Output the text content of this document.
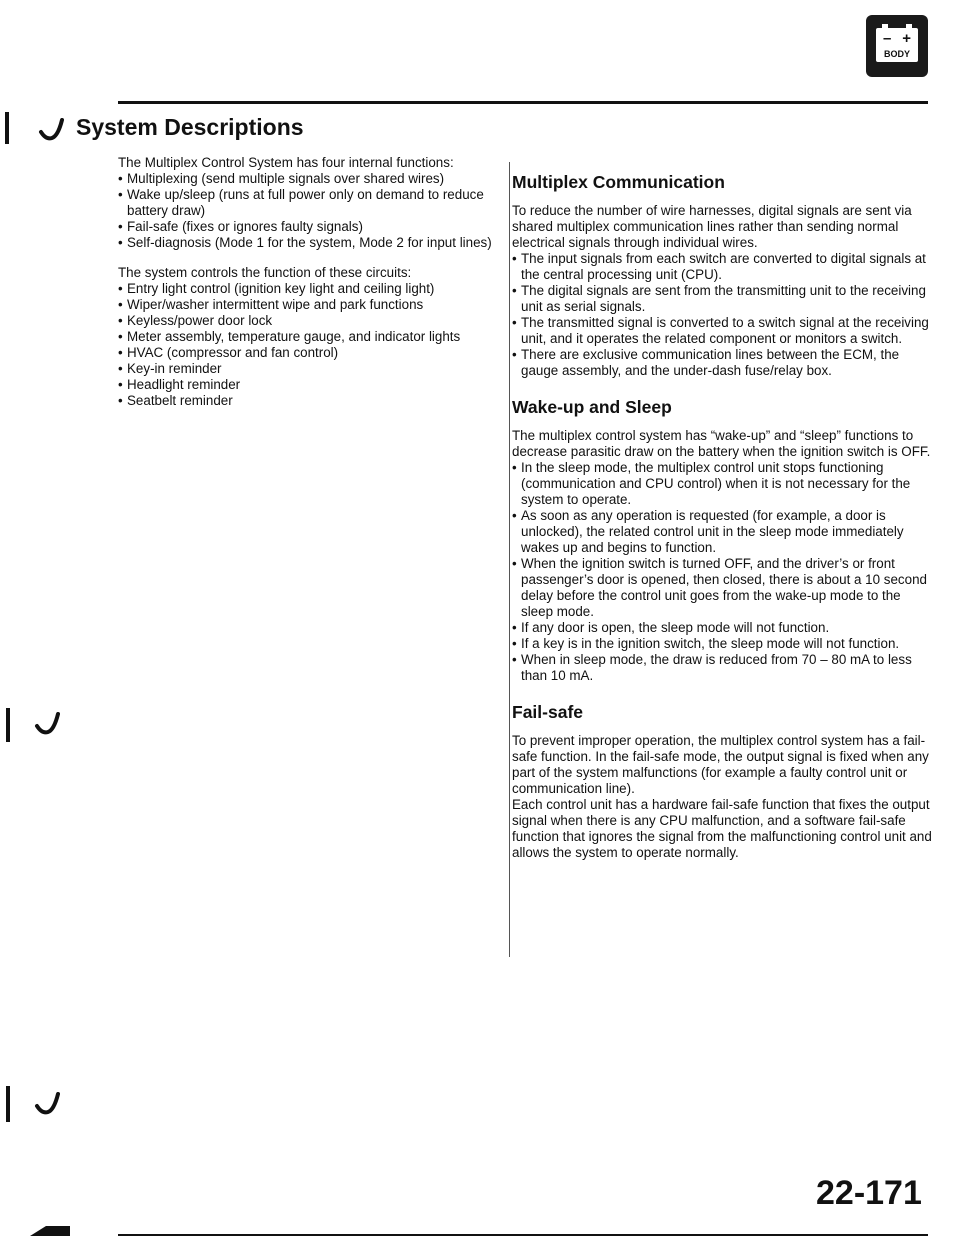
– +
BODY
System Descriptions

The Multiplex Control System has four internal functions:

• Multiplexing (send multiple signals over shared wires)
• Wake up/sleep (runs at full power only on demand to reduce battery draw)
• Fail-safe (fixes or ignores faulty signals)
• Self-diagnosis (Mode 1 for the system, Mode 2 for input lines)

The system controls the function of these circuits:

• Entry light control (ignition key light and ceiling light)
• Wiper/washer intermittent wipe and park functions
• Keyless/power door lock
• Meter assembly, temperature gauge, and indicator lights
• HVAC (compressor and fan control)
• Key-in reminder
• Headlight reminder
• Seatbelt reminder
Multiplex Communication

To reduce the number of wire harnesses, digital signals are sent via shared multiplex communication lines rather than sending normal electrical signals through individual wires.

• The input signals from each switch are converted to digital signals at the central processing unit (CPU).
• The digital signals are sent from the transmitting unit to the receiving unit as serial signals.
• The transmitted signal is converted to a switch signal at the receiving unit, and it operates the related component or monitors a switch.
• There are exclusive communication lines between the ECM, the gauge assembly, and the under-dash fuse/relay box.
Wake-up and Sleep

The multiplex control system has “wake-up” and “sleep” functions to decrease parasitic draw on the battery when the ignition switch is OFF.

• In the sleep mode, the multiplex control unit stops functioning (communication and CPU control) when it is not necessary for the system to operate.
• As soon as any operation is requested (for example, a door is unlocked), the related control unit in the sleep mode immediately wakes up and begins to function.
• When the ignition switch is turned OFF, and the driver’s or front passenger’s door is opened, then closed, there is about a 10 second delay before the control unit goes from the wake-up mode to the sleep mode.
• If any door is open, the sleep mode will not function.
• If a key is in the ignition switch, the sleep mode will not function.
• When in sleep mode, the draw is reduced from 70 – 80 mA to less than 10 mA.
Fail-safe

To prevent improper operation, the multiplex control system has a fail-safe function. In the fail-safe mode, the output signal is fixed when any part of the system malfunctions (for example a faulty control unit or communication line).

Each control unit has a hardware fail-safe function that fixes the output signal when there is any CPU malfunction, and a software fail-safe function that ignores the signal from the malfunctioning control unit and allows the system to operate normally.

22-171
